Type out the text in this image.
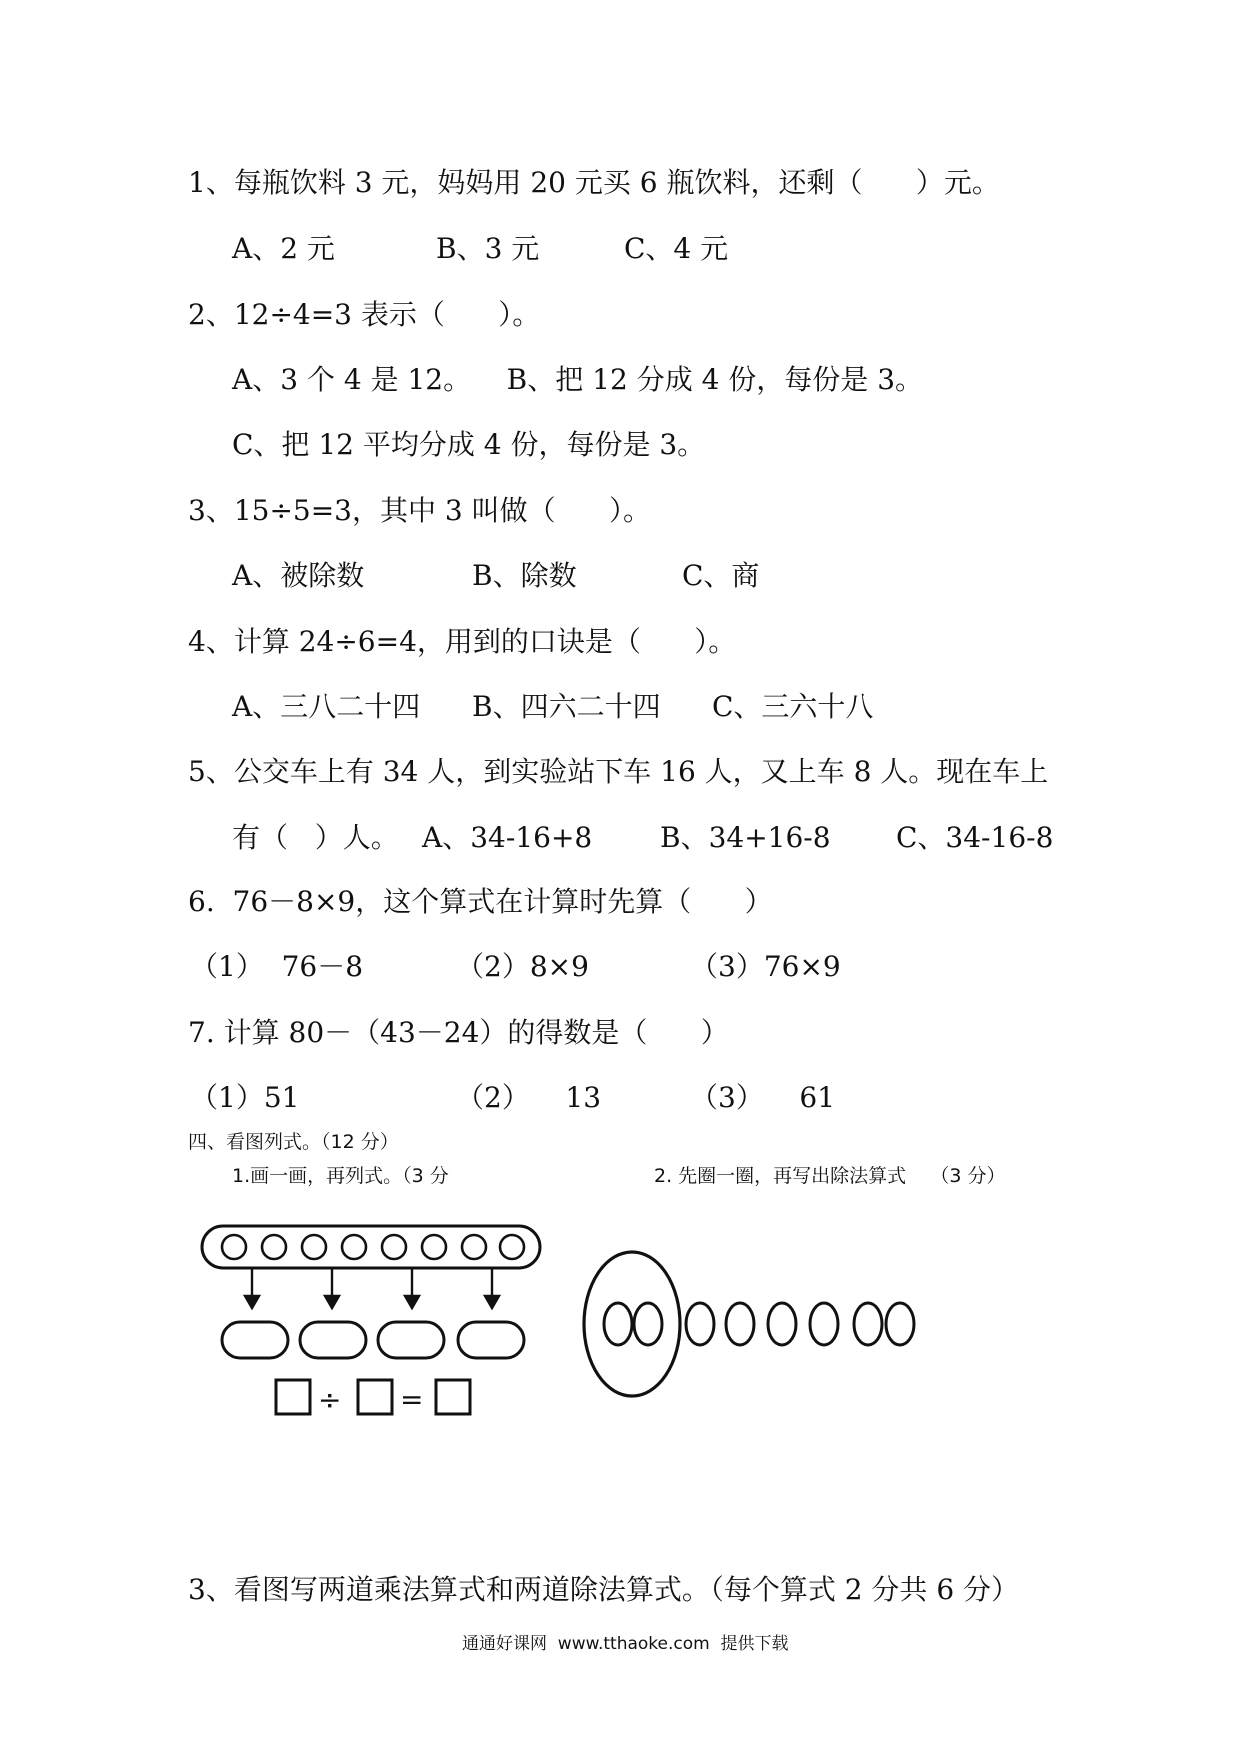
1、每瓶饮料 3 元，妈妈用 20 元买 6 瓶饮料，还剩（      ）元。
A、2 元	B、3 元	C、4 元
2、12÷4=3 表示（      ）。
A、3 个 4 是 12。    B、把 12 分成 4 份，每份是 3。
C、把 12 平均分成 4 份，每份是 3。
3、15÷5=3，其中 3 叫做（      ）。
A、被除数	B、除数	C、商
4、计算 24÷6=4，用到的口诀是（      ）。
A、三八二十四 B、四六二十四 C、三六十八
5、公交车上有 34 人，到实验站下车 16 人，又上车 8 人。现在车上
有（   ）人。 A、34-16+8 B、34+16-8 C、34-16-8
6.  76－8×9，这个算式在计算时先算（      ）
（1）  76－8	（2）8×9	（3）76×9
7. 计算 80－（43－24）的得数是（      ）
（1）51	（2）    13	（3）    61
四、看图列式。（12 分）
1.画一画，再列式。（3 分	2. 先圈一圈，再写出除法算式    （3 分）
÷ =
3、看图写两道乘法算式和两道除法算式。（每个算式 2 分共 6 分）
通通好课网  www.tthaoke.com  提供下载
